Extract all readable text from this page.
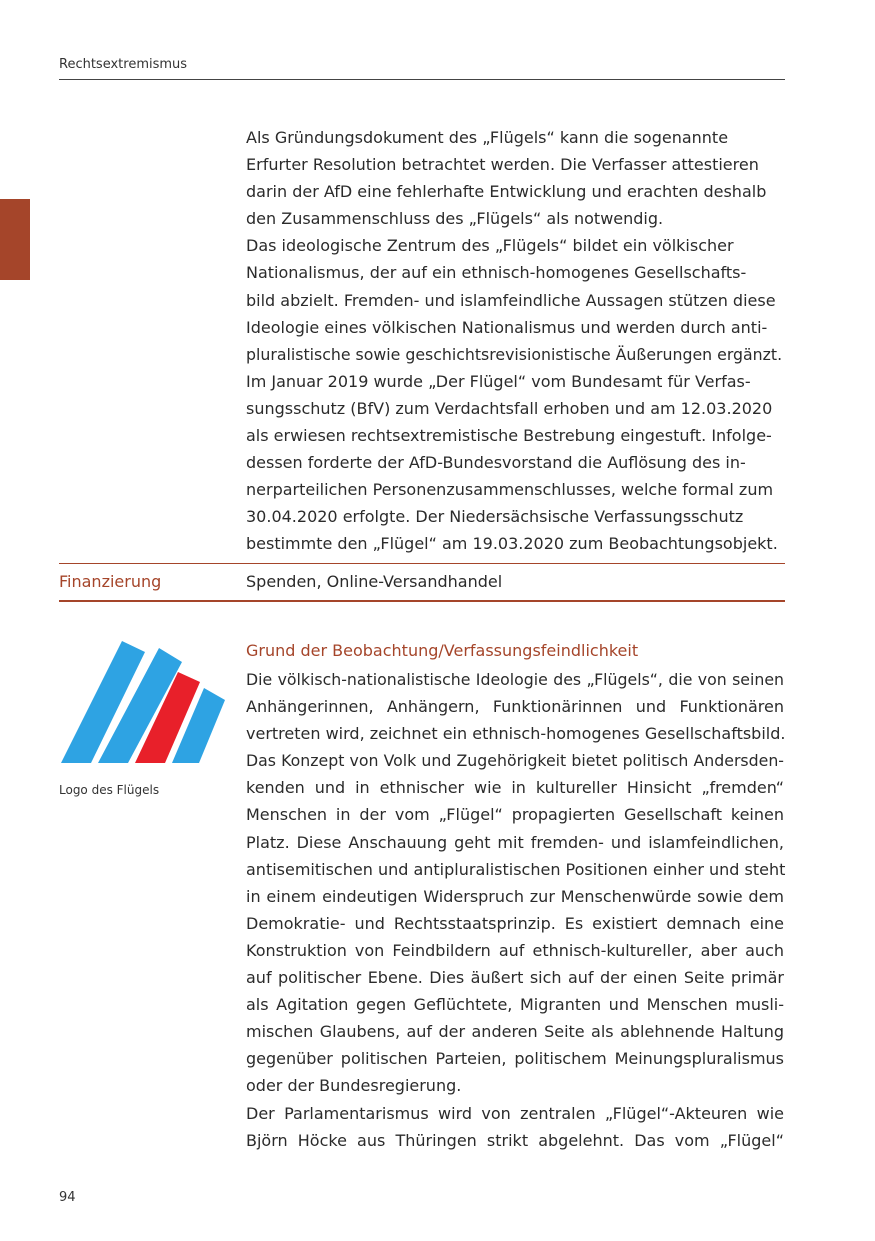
Rechtsextremismus
Als Gründungsdokument des „Flügels“ kann die sogenannte
Erfurter Resolution betrachtet werden. Die Verfasser attestieren
darin der AfD eine fehlerhafte Entwicklung und erachten deshalb
den Zusammenschluss des „Flügels“ als notwendig.
Das ideologische Zentrum des „Flügels“ bildet ein völkischer
Nationalismus, der auf ein ethnisch-homogenes Gesellschafts-
bild abzielt. Fremden- und islamfeindliche Aussagen stützen diese
Ideologie eines völkischen Nationalismus und werden durch anti-
pluralistische sowie geschichtsrevisionistische Äußerungen ergänzt.
Im Januar 2019 wurde „Der Flügel“ vom Bundesamt für Verfas-
sungsschutz (BfV) zum Verdachtsfall erhoben und am 12.03.2020
als erwiesen rechtsextremistische Bestrebung eingestuft. Infolge-
dessen forderte der AfD-Bundesvorstand die Auflösung des in-
nerparteilichen Personenzusammenschlusses, welche formal zum
30.04.2020 erfolgte. Der Niedersächsische Verfassungsschutz
bestimmte den „Flügel“ am 19.03.2020 zum Beobachtungsobjekt.
Finanzierung	Spenden, Online-Versandhandel
Logo des Flügels
Grund der Beobachtung/Verfassungsfeindlichkeit
Die völkisch-nationalistische Ideologie des „Flügels“, die von seinen
Anhängerinnen, Anhängern, Funktionärinnen und Funktionären
vertreten wird, zeichnet ein ethnisch-homogenes Gesellschaftsbild.
Das Konzept von Volk und Zugehörigkeit bietet politisch Andersden-
kenden und in ethnischer wie in kultureller Hinsicht „fremden“
Menschen in der vom „Flügel“ propagierten Gesellschaft keinen
Platz. Diese Anschauung geht mit fremden- und islamfeindlichen,
antisemitischen und antipluralistischen Positionen einher und steht
in einem eindeutigen Widerspruch zur Menschenwürde sowie dem
Demokratie- und Rechtsstaatsprinzip. Es existiert demnach eine
Konstruktion von Feindbildern auf ethnisch-kultureller, aber auch
auf politischer Ebene. Dies äußert sich auf der einen Seite primär
als Agitation gegen Geflüchtete, Migranten und Menschen musli-
mischen Glaubens, auf der anderen Seite als ablehnende Haltung
gegenüber politischen Parteien, politischem Meinungspluralismus
oder der Bundesregierung.
Der Parlamentarismus wird von zentralen „Flügel“-Akteuren wie
Björn Höcke aus Thüringen strikt abgelehnt. Das vom „Flügel“
94
